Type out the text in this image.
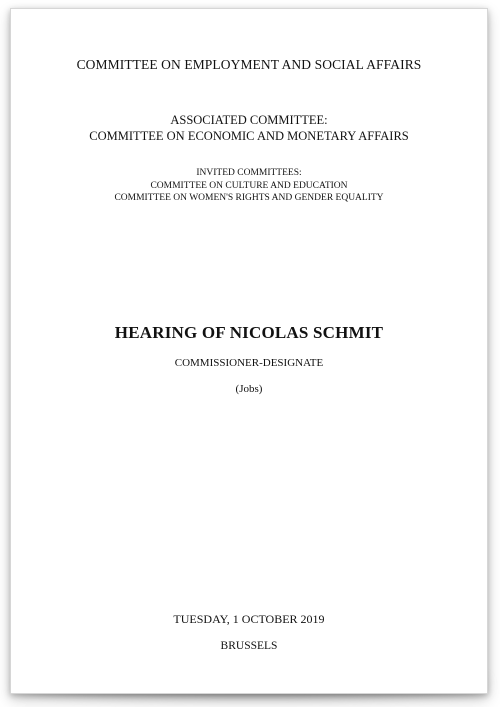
COMMITTEE ON EMPLOYMENT AND SOCIAL AFFAIRS
ASSOCIATED COMMITTEE:
COMMITTEE ON ECONOMIC AND MONETARY AFFAIRS
INVITED COMMITTEES:
COMMITTEE ON CULTURE AND EDUCATION
COMMITTEE ON WOMEN'S RIGHTS AND GENDER EQUALITY
HEARING OF NICOLAS SCHMIT
COMMISSIONER-DESIGNATE
(Jobs)
TUESDAY, 1 OCTOBER 2019
BRUSSELS
